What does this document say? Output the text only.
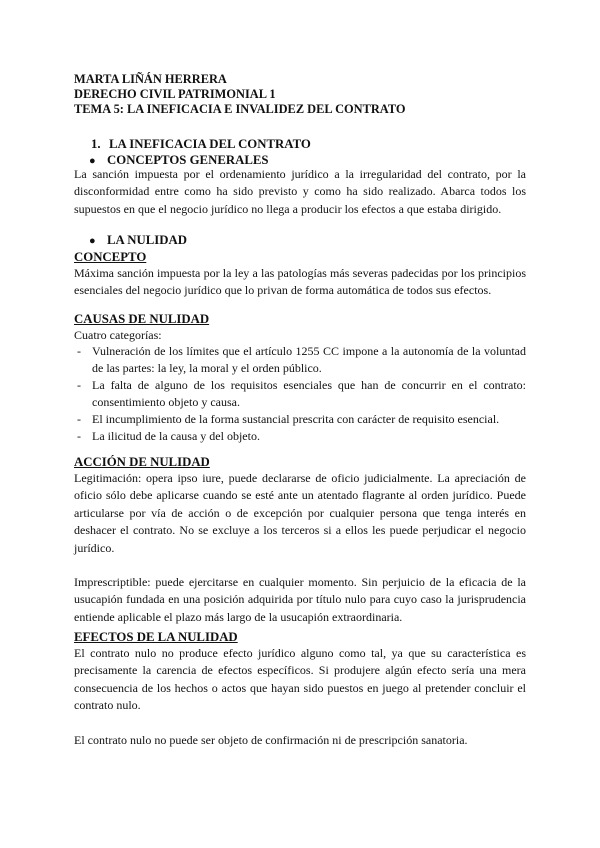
MARTA LIÑÁN HERRERA
DERECHO CIVIL PATRIMONIAL 1
TEMA 5: LA INEFICACIA E INVALIDEZ DEL CONTRATO
1. LA INEFICACIA DEL CONTRATO
● CONCEPTOS GENERALES

La sanción impuesta por el ordenamiento jurídico a la irregularidad del contrato, por la disconformidad entre como ha sido previsto y como ha sido realizado. Abarca todos los supuestos en que el negocio jurídico no llega a producir los efectos a que estaba dirigido.

● LA NULIDAD
CONCEPTO

Máxima sanción impuesta por la ley a las patologías más severas padecidas por los principios esenciales del negocio jurídico que lo privan de forma automática de todos sus efectos.

CAUSAS DE NULIDAD
Cuatro categorías:
- Vulneración de los límites que el artículo 1255 CC impone a la autonomía de la voluntad de las partes: la ley, la moral y el orden público.
- La falta de alguno de los requisitos esenciales que han de concurrir en el contrato: consentimiento objeto y causa.
- El incumplimiento de la forma sustancial prescrita con carácter de requisito esencial.
- La ilicitud de la causa y del objeto.
ACCIÓN DE NULIDAD

Legitimación: opera ipso iure, puede declararse de oficio judicialmente. La apreciación de oficio sólo debe aplicarse cuando se esté ante un atentado flagrante al orden jurídico. Puede articularse por vía de acción o de excepción por cualquier persona que tenga interés en deshacer el contrato. No se excluye a los terceros si a ellos les puede perjudicar el negocio jurídico.

Imprescriptible: puede ejercitarse en cualquier momento. Sin perjuicio de la eficacia de la usucapión fundada en una posición adquirida por título nulo para cuyo caso la jurisprudencia entiende aplicable el plazo más largo de la usucapión extraordinaria.

EFECTOS DE LA NULIDAD

El contrato nulo no produce efecto jurídico alguno como tal, ya que su característica es precisamente la carencia de efectos específicos. Si produjere algún efecto sería una mera consecuencia de los hechos o actos que hayan sido puestos en juego al pretender concluir el contrato nulo.

El contrato nulo no puede ser objeto de confirmación ni de prescripción sanatoria.
